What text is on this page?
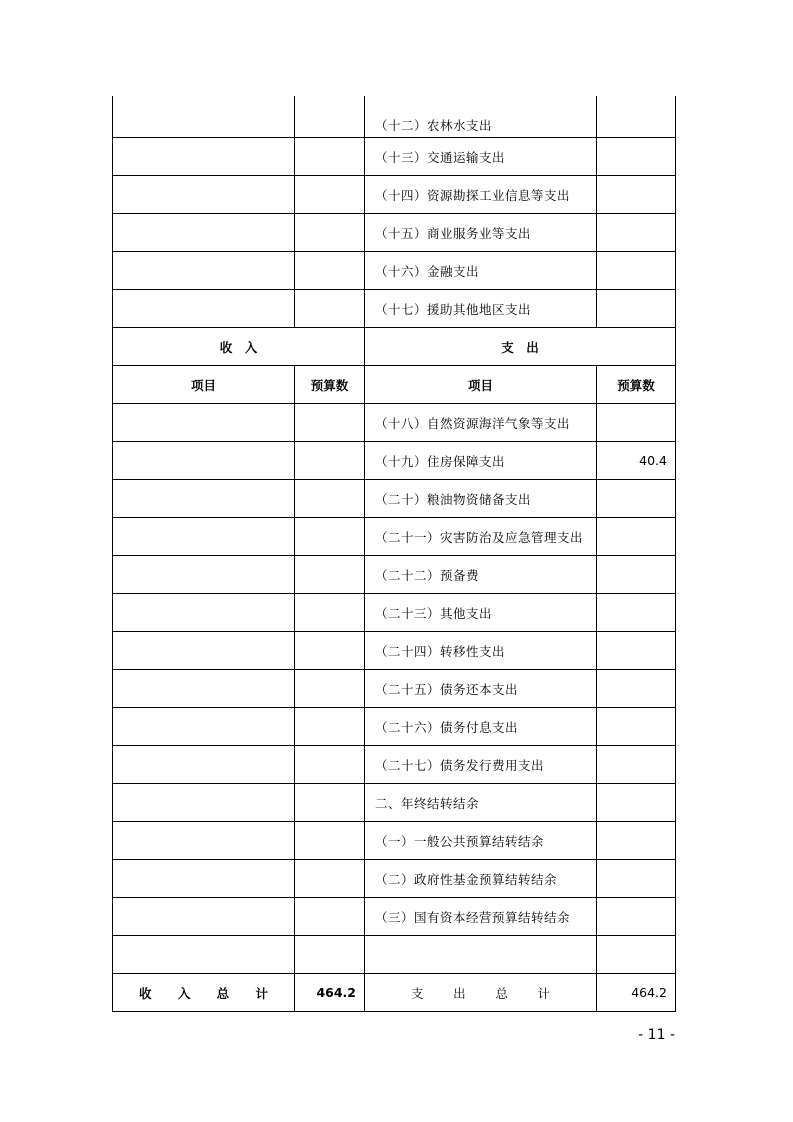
		（十二）农林水支出	
		（十三）交通运输支出	
		（十四）资源勘探工业信息等支出	
		（十五）商业服务业等支出	
		（十六）金融支出	
		（十七）援助其他地区支出	
收　入		支　出	
项目	预算数	项目	预算数
		（十八）自然资源海洋气象等支出	
		（十九）住房保障支出	40.4
		（二十）粮油物资储备支出	
		（二十一）灾害防治及应急管理支出	
		（二十二）预备费	
		（二十三）其他支出	
		（二十四）转移性支出	
		（二十五）债务还本支出	
		（二十六）债务付息支出	
		（二十七）债务发行费用支出	
		二、年终结转结余	
		（一）一般公共预算结转结余	
		（二）政府性基金预算结转结余	
		（三）国有资本经营预算结转结余	

收 入 总 计	464.2	支 出 总 计	464.2
- 11 -
